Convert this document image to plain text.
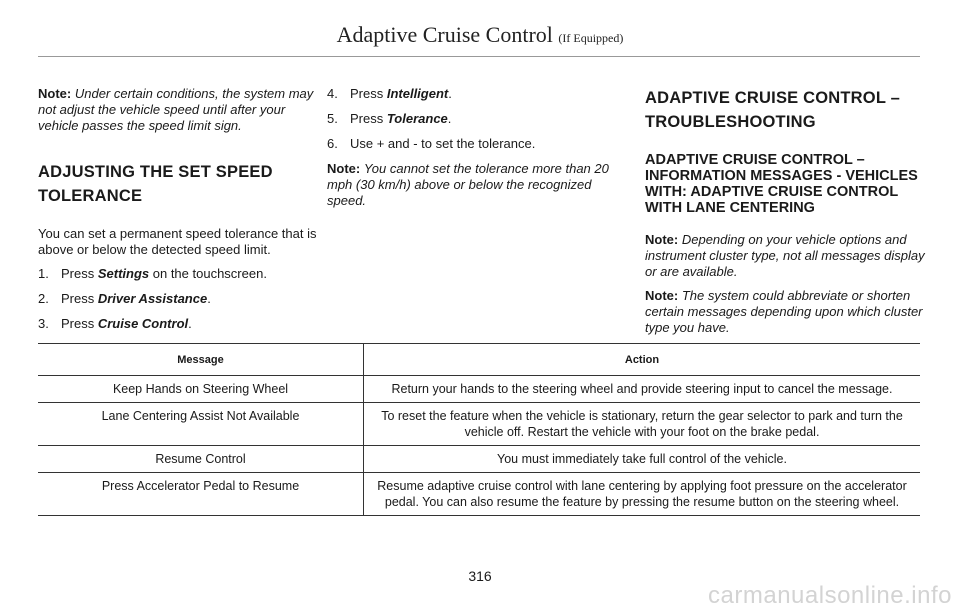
Adaptive Cruise Control (If Equipped)

Note: Under certain conditions, the system may not adjust the vehicle speed until after your vehicle passes the speed limit sign.

ADJUSTING THE SET SPEED TOLERANCE

You can set a permanent speed tolerance that is above or below the detected speed limit.

1. Press Settings on the touchscreen.

2. Press Driver Assistance.

3. Press Cruise Control.

4. Press Intelligent.

5. Press Tolerance.

6. Use + and - to set the tolerance.

Note: You cannot set the tolerance more than 20 mph (30 km/h) above or below the recognized speed.

ADAPTIVE CRUISE CONTROL – TROUBLESHOOTING
ADAPTIVE CRUISE CONTROL – INFORMATION MESSAGES - VEHICLES WITH: ADAPTIVE CRUISE CONTROL WITH LANE CENTERING

Note: Depending on your vehicle options and instrument cluster type, not all messages display or are available.

Note: The system could abbreviate or shorten certain messages depending upon which cluster type you have.

Message	Action
Keep Hands on Steering Wheel	Return your hands to the steering wheel and provide steering input to cancel the message.
Lane Centering Assist Not Available	To reset the feature when the vehicle is stationary, return the gear selector to park and turn the vehicle off. Restart the vehicle with your foot on the brake pedal.
Resume Control	You must immediately take full control of the vehicle.
Press Accelerator Pedal to Resume	Resume adaptive cruise control with lane centering by applying foot pressure on the accelerator pedal. You can also resume the feature by pressing the resume button on the steering wheel.
316
carmanualsonline.info
